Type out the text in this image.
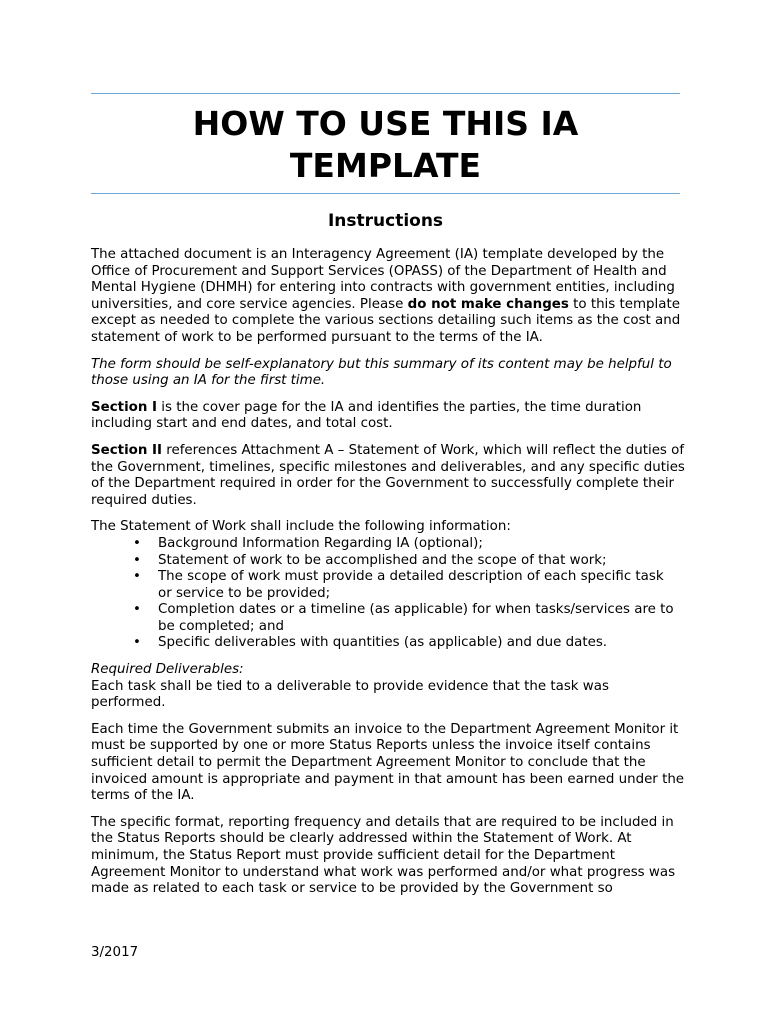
HOW TO USE THIS IA
TEMPLATE
Instructions

The attached document is an Interagency Agreement (IA) template developed by the Office of Procurement and Support Services (OPASS) of the Department of Health and Mental Hygiene (DHMH) for entering into contracts with government entities, including universities, and core service agencies. Please do not make changes to this template except as needed to complete the various sections detailing such items as the cost and statement of work to be performed pursuant to the terms of the IA.

The form should be self-explanatory but this summary of its content may be helpful to those using an IA for the first time.

Section I is the cover page for the IA and identifies the parties, the time duration including start and end dates, and total cost.

Section II references Attachment A – Statement of Work, which will reflect the duties of the Government, timelines, specific milestones and deliverables, and any specific duties of the Department required in order for the Government to successfully complete their required duties.

The Statement of Work shall include the following information:
• Background Information Regarding IA (optional);
• Statement of work to be accomplished and the scope of that work;
• The scope of work must provide a detailed description of each specific task or service to be provided;
• Completion dates or a timeline (as applicable) for when tasks/services are to be completed; and
• Specific deliverables with quantities (as applicable) and due dates.

Required Deliverables:
Each task shall be tied to a deliverable to provide evidence that the task was performed.

Each time the Government submits an invoice to the Department Agreement Monitor it must be supported by one or more Status Reports unless the invoice itself contains sufficient detail to permit the Department Agreement Monitor to conclude that the invoiced amount is appropriate and payment in that amount has been earned under the terms of the IA.

The specific format, reporting frequency and details that are required to be included in the Status Reports should be clearly addressed within the Statement of Work. At minimum, the Status Report must provide sufficient detail for the Department Agreement Monitor to understand what work was performed and/or what progress was made as related to each task or service to be provided by the Government so

3/2017
